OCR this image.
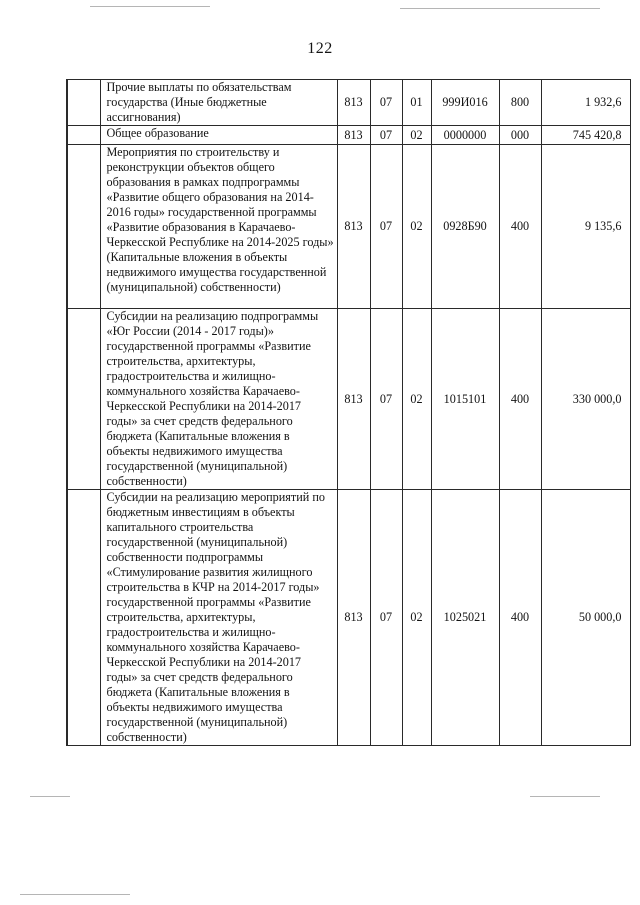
122
	Прочие выплаты по обязательствам государства (Иные бюджетные ассигнования)	813	07	01	999И016	800	1 932,6
	Общее образование	813	07	02	0000000	000	745 420,8
	Мероприятия по строительству и реконструкции объектов общего образования в рамках подпрограммы «Развитие общего образования на 2014-2016 годы» государственной программы «Развитие образования в Карачаево-Черкесской Республике на 2014-2025 годы» (Капитальные вложения в объекты недвижимого имущества государственной (муниципальной) собственности)	813	07	02	0928Б90	400	9 135,6
	Субсидии на реализацию подпрограммы «Юг России (2014 - 2017 годы)» государственной программы «Развитие строительства, архитектуры, градостроительства и жилищно-коммунального хозяйства Карачаево-Черкесской Республики на 2014-2017 годы» за счет средств федерального бюджета (Капитальные вложения в объекты недвижимого имущества государственной (муниципальной) собственности)	813	07	02	1015101	400	330 000,0
	Субсидии на реализацию мероприятий по бюджетным инвестициям в объекты капитального строительства государственной (муниципальной) собственности подпрограммы «Стимулирование развития жилищного строительства в КЧР на 2014-2017 годы» государственной программы «Развитие строительства, архитектуры, градостроительства и жилищно-коммунального хозяйства Карачаево-Черкесской Республики на 2014-2017 годы» за счет средств федерального бюджета (Капитальные вложения в объекты недвижимого имущества государственной (муниципальной) собственности)	813	07	02	1025021	400	50 000,0
